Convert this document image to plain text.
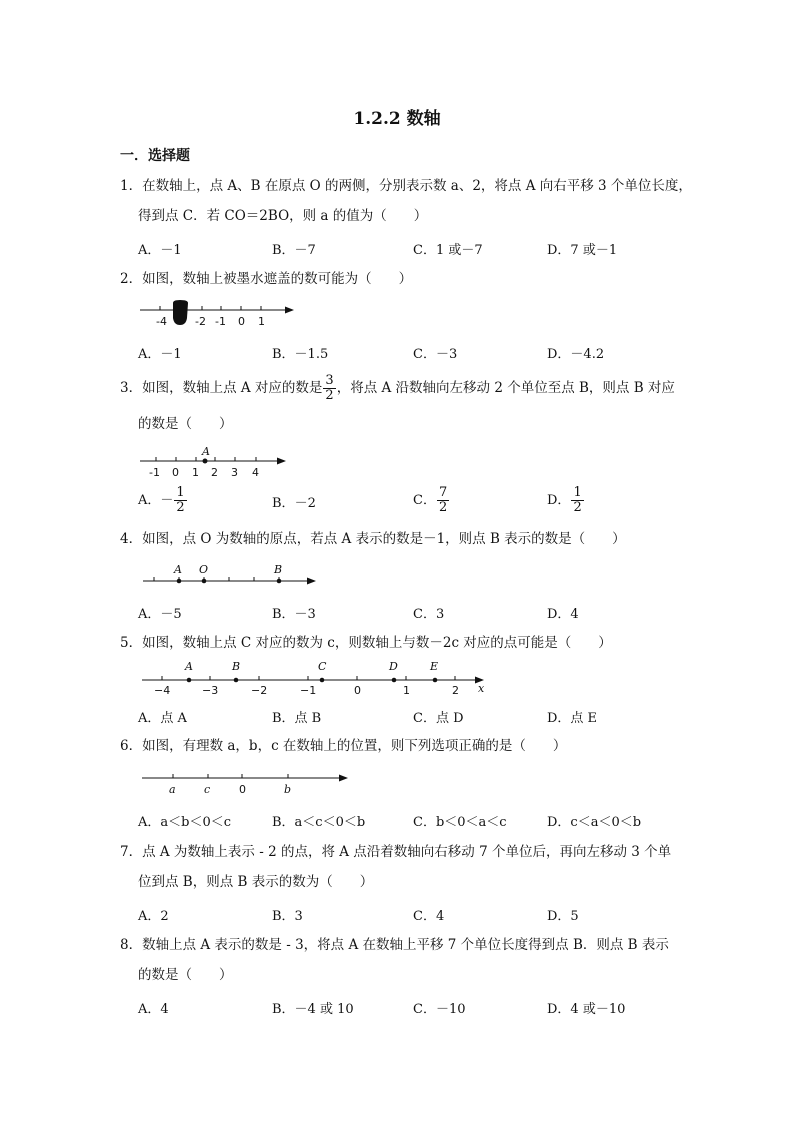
1.2.2 数轴
一．选择题
1．在数轴上，点 A、B 在原点 O 的两侧，分别表示数 a、2，将点 A 向右平移 3 个单位长度，
得到点 C．若 CO＝2BO，则 a 的值为（　　）
A．－1	B．－7	C．1 或－7	D．7 或－1
2．如图，数轴上被墨水遮盖的数可能为（　　）
-4	-2 -1 0 1
A．－1	B．－1.5	C．－3	D．－4.2
3．如图，数轴上点 A 对应的数是 $\frac{3}{2}$ ，将点 A 沿数轴向左移动 2 个单位至点 B，则点 B 对应
的数是（　　）
A
-1 0 1 2 3 4
A．－ $\frac{1}{2}$	B．－2	C． $\frac{7}{2}$	D． $\frac{1}{2}$
4．如图，点 O 为数轴的原点，若点 A 表示的数是－1，则点 B 表示的数是（　　）
A O	B
A．－5	B．－3	C．3	D．4
5．如图，数轴上点 C 对应的数为 c，则数轴上与数－2c 对应的点可能是（　　）
A	B	C	D	E
−4	−3	−2	−1	0	1	2 x
A．点 A	B．点 B	C．点 D	D．点 E
6．如图，有理数 a，b，c 在数轴上的位置，则下列选项正确的是（　　）
a	c	0	b
A．a＜b＜0＜c	B．a＜c＜0＜b	C．b＜0＜a＜c	D．c＜a＜0＜b
7．点 A 为数轴上表示 - 2 的点，将 A 点沿着数轴向右移动 7 个单位后，再向左移动 3 个单
位到点 B，则点 B 表示的数为（　　）
A．2	B．3	C．4	D．5
8．数轴上点 A 表示的数是 - 3，将点 A 在数轴上平移 7 个单位长度得到点 B．则点 B 表示
的数是（　　）
A．4	B．－4 或 10	C．－10	D．4 或－10
